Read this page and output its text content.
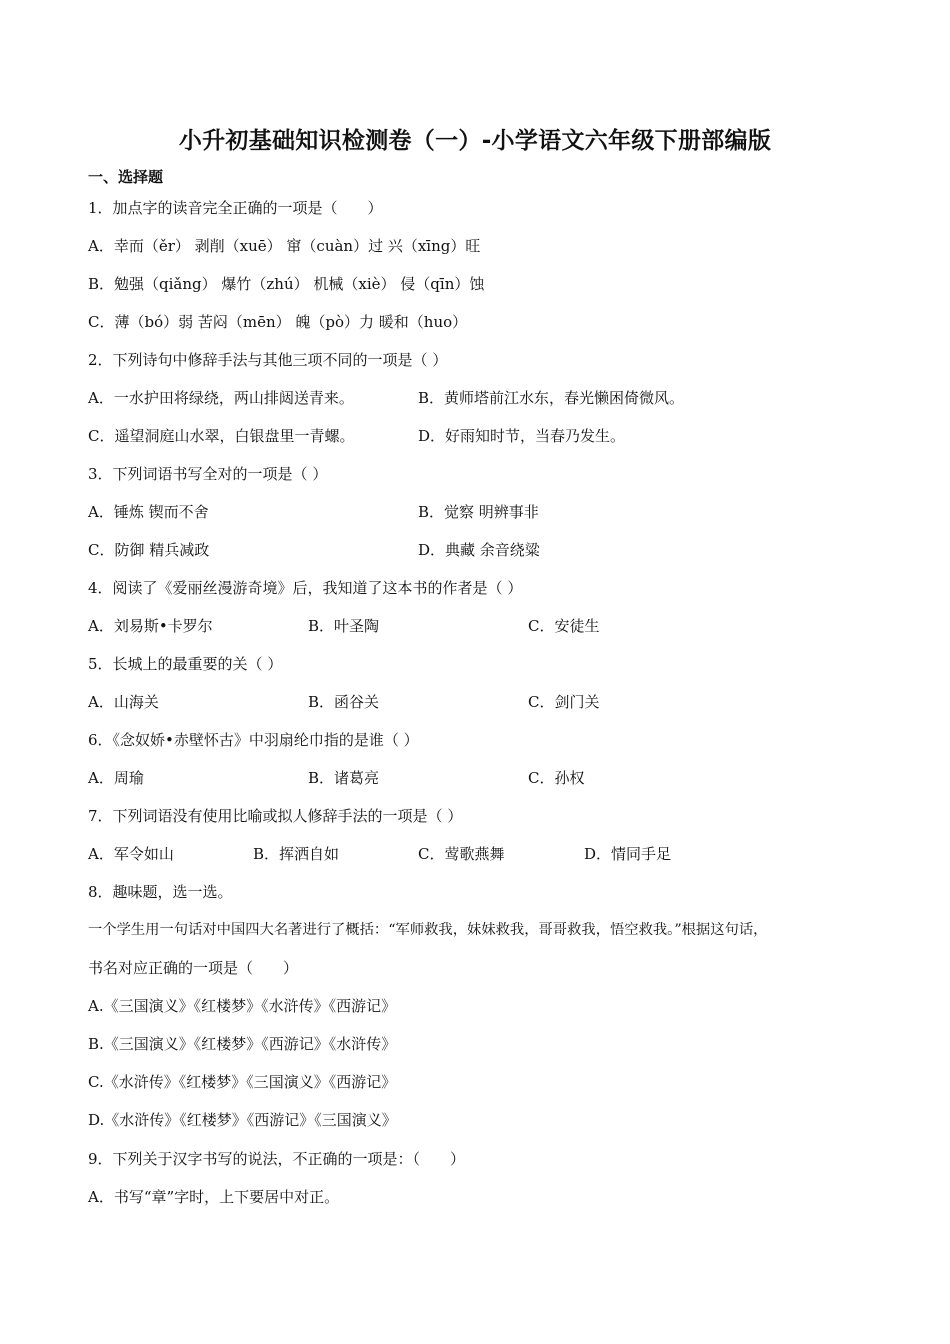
小升初基础知识检测卷（一）-小学语文六年级下册部编版
一、选择题
1．加点字的读音完全正确的一项是（　　）
A．幸而（ěr） 剥削（xuē） 窜（cuàn）过 兴（xīng）旺
B．勉强（qiǎng） 爆竹（zhú） 机械（xiè） 侵（qīn）蚀
C．薄（bó）弱 苦闷（mēn） 魄（pò）力 暖和（huo）
2．下列诗句中修辞手法与其他三项不同的一项是（ ）
A．一水护田将绿绕，两山排闼送青来。	B．黄师塔前江水东，春光懒困倚微风。
C．遥望洞庭山水翠，白银盘里一青螺。	D．好雨知时节，当春乃发生。
3．下列词语书写全对的一项是（ ）
A．锤炼 锲而不舍	B．觉察 明辨事非
C．防御 精兵减政	D．典藏 余音绕粱
4．阅读了《爱丽丝漫游奇境》后，我知道了这本书的作者是（ ）
A．刘易斯•卡罗尔	B．叶圣陶	C．安徒生
5．长城上的最重要的关（ ）
A．山海关	B．函谷关	C．剑门关
6．《念奴娇•赤壁怀古》中羽扇纶巾指的是谁（ ）
A．周瑜	B．诸葛亮	C．孙权
7．下列词语没有使用比喻或拟人修辞手法的一项是（ ）
A．军令如山	B．挥洒自如	C．莺歌燕舞	D．情同手足
8．趣味题，选一选。
一个学生用一句话对中国四大名著进行了概括：“军师救我，妹妹救我，哥哥救我，悟空救我。”根据这句话，
书名对应正确的一项是（　　）
A.《三国演义》《红楼梦》《水浒传》《西游记》
B.《三国演义》《红楼梦》《西游记》《水浒传》
C.《水浒传》《红楼梦》《三国演义》《西游记》
D.《水浒传》《红楼梦》《西游记》《三国演义》
9．下列关于汉字书写的说法，不正确的一项是：（　　）
A．书写“章”字时，上下要居中对正。
